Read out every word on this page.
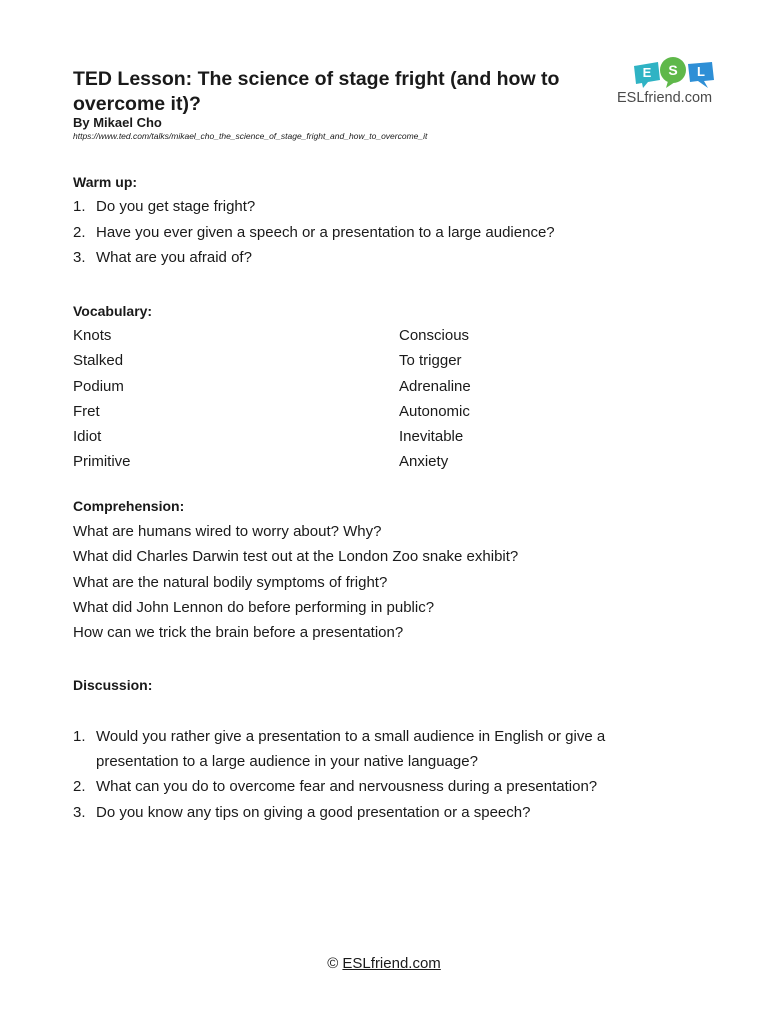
TED Lesson: The science of stage fright (and how to overcome it)?
By Mikael Cho
https://www.ted.com/talks/mikael_cho_the_science_of_stage_fright_and_how_to_overcome_it
E S L
ESLfriend.com
Warm up:
1. Do you get stage fright?
2. Have you ever given a speech or a presentation to a large audience?
3. What are you afraid of?
Vocabulary:
Knots
Stalked
Podium
Fret
Idiot
Primitive
Conscious
To trigger
Adrenaline
Autonomic
Inevitable
Anxiety
Comprehension:
What are humans wired to worry about? Why?
What did Charles Darwin test out at the London Zoo snake exhibit?
What are the natural bodily symptoms of fright?
What did John Lennon do before performing in public?
How can we trick the brain before a presentation?
Discussion:
1. Would you rather give a presentation to a small audience in English or give a
presentation to a large audience in your native language?
2. What can you do to overcome fear and nervousness during a presentation?
3. Do you know any tips on giving a good presentation or a speech?
© ESLfriend.com
